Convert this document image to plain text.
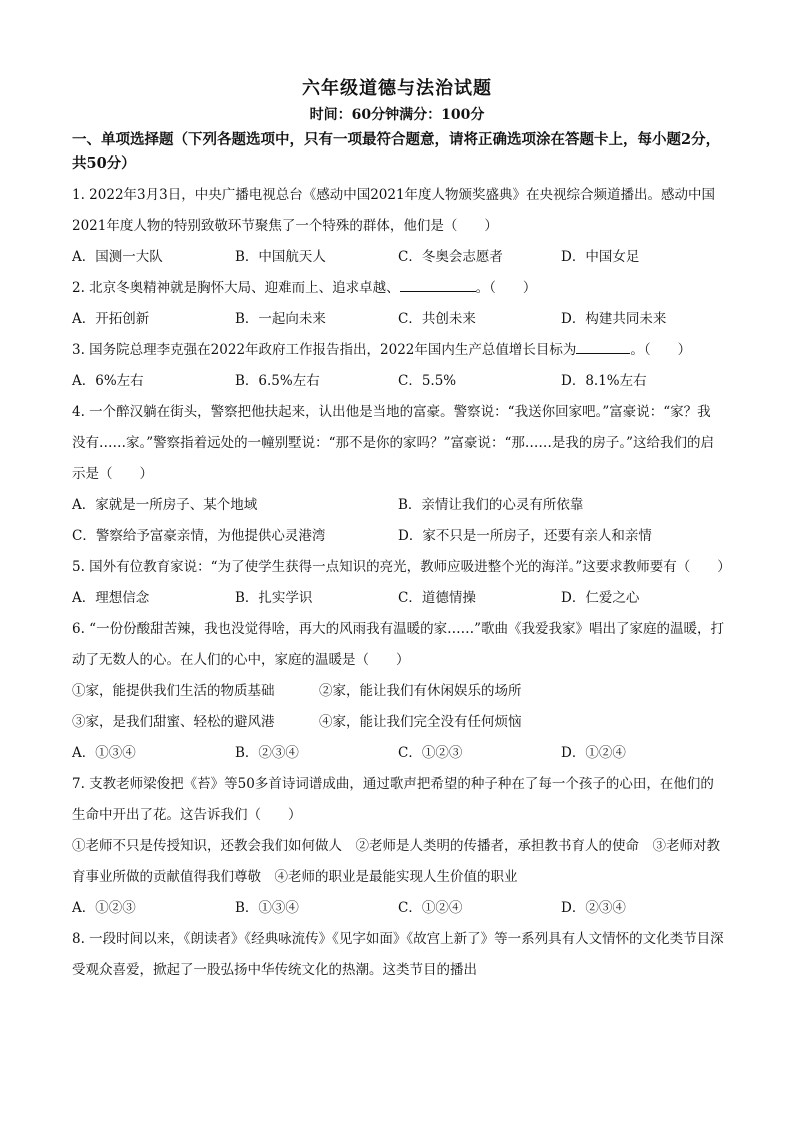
六年级道德与法治试题
时间：60分钟满分：100分
一、单项选择题（下列各题选项中，只有一项最符合题意，请将正确选项涂在答题卡上，每小题2分，共50分）
1. 2022年3月3日，中央广播电视总台《感动中国2021年度人物颁奖盛典》在央视综合频道播出。感动中国2021年度人物的特别致敬环节聚焦了一个特殊的群体，他们是（　　）
A．国测一大队	B．中国航天人	C．冬奥会志愿者	D．中国女足
2. 北京冬奥精神就是胸怀大局、迎难而上、追求卓越、	。（　　）
A．开拓创新	B．一起向未来	C．共创未来	D．构建共同未来
3. 国务院总理李克强在2022年政府工作报告指出，2022年国内生产总值增长目标为	。（　　）
A．6%左右	B．6.5%左右	C．5.5%	D．8.1%左右
4. 一个醉汉躺在街头，警察把他扶起来，认出他是当地的富豪。警察说：“我送你回家吧。”富豪说：“家？我没有……家。”警察指着远处的一幢别墅说：“那不是你的家吗？”富豪说：“那……是我的房子。”这给我们的启示是（　　）
A．家就是一所房子、某个地域	B．亲情让我们的心灵有所依靠
C．警察给予富豪亲情，为他提供心灵港湾	D．家不只是一所房子，还要有亲人和亲情
5. 国外有位教育家说：“为了使学生获得一点知识的亮光，教师应吸进整个光的海洋。”这要求教师要有（　　）
A．理想信念	B．扎实学识	C．道德情操	D．仁爱之心
6. “一份份酸甜苦辣，我也没觉得啥，再大的风雨我有温暖的家……”歌曲《我爱我家》唱出了家庭的温暖，打动了无数人的心。在人们的心中，家庭的温暖是（　　）
①家，能提供我们生活的物质基础	②家，能让我们有休闲娱乐的场所
③家，是我们甜蜜、轻松的避风港	④家，能让我们完全没有任何烦恼
A．①③④	B．②③④	C．①②③	D．①②④
7. 支教老师梁俊把《苔》等50多首诗词谱成曲，通过歌声把希望的种子种在了每一个孩子的心田，在他们的生命中开出了花。这告诉我们（　　）
①老师不只是传授知识，还教会我们如何做人　②老师是人类明的传播者，承担教书育人的使命　③老师对教育事业所做的贡献值得我们尊敬　④老师的职业是最能实现人生价值的职业
A．①②③	B．①③④	C．①②④	D．②③④
8. 一段时间以来，《朗读者》《经典咏流传》《见字如面》《故宫上新了》等一系列具有人文情怀的文化类节目深受观众喜爱，掀起了一股弘扬中华传统文化的热潮。这类节目的播出
